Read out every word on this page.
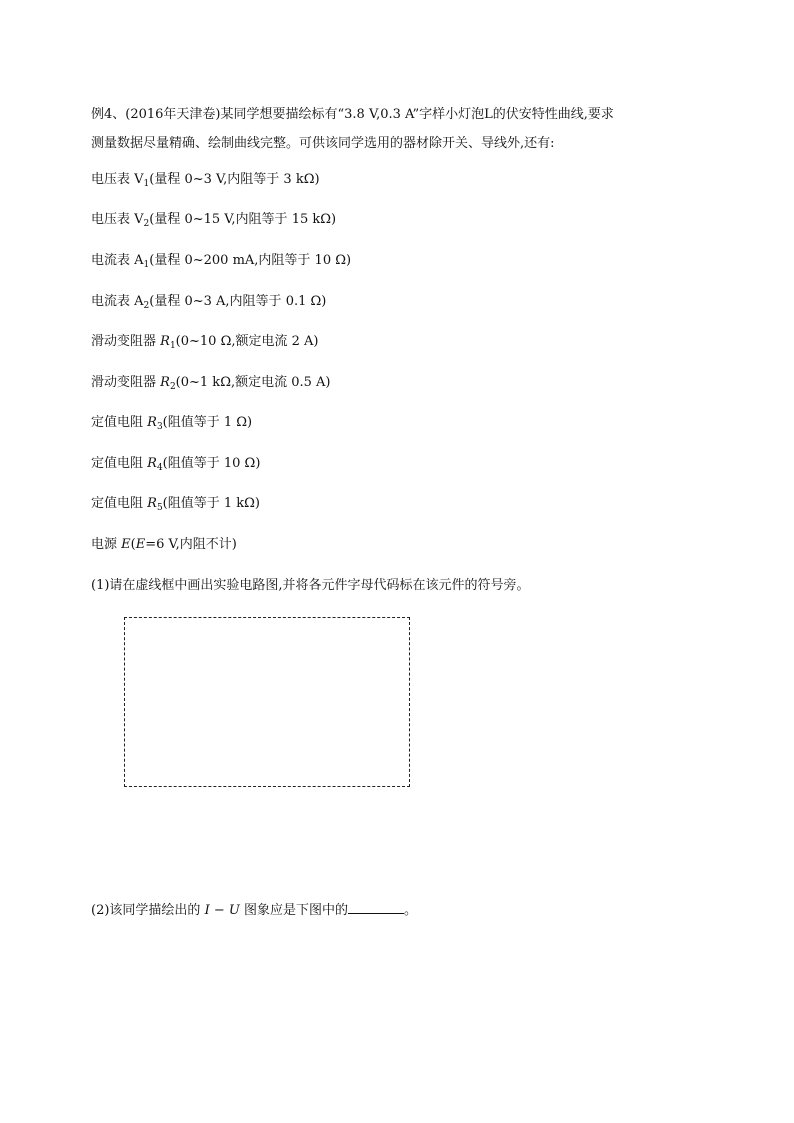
例4、(2016年天津卷)某同学想要描绘标有“3.8 V,0.3 A”字样小灯泡L的伏安特性曲线,要求
测量数据尽量精确、绘制曲线完整。可供该同学选用的器材除开关、导线外,还有:
电压表 $V_1$(量程 0~3 V,内阻等于 3 kΩ)
电压表 $V_2$(量程 0~15 V,内阻等于 15 kΩ)
电流表 $A_1$(量程 0~200 mA,内阻等于 10 Ω)
电流表 $A_2$(量程 0~3 A,内阻等于 0.1 Ω)
滑动变阻器 $R_1(0\sim 10$ Ω,额定电流 2 A)
滑动变阻器 $R_2(0\sim 1$ kΩ,额定电流 0.5 A)
定值电阻 $R_3$(阻值等于 1 Ω)
定值电阻 $R_4$(阻值等于 10 Ω)
定值电阻 $R_5$(阻值等于 1 kΩ)
电源 E(E=6 V,内阻不计)
(1)请在虚线框中画出实验电路图,并将各元件字母代码标在该元件的符号旁。
(2)该同学描绘出的 I − U 图象应是下图中的	。
